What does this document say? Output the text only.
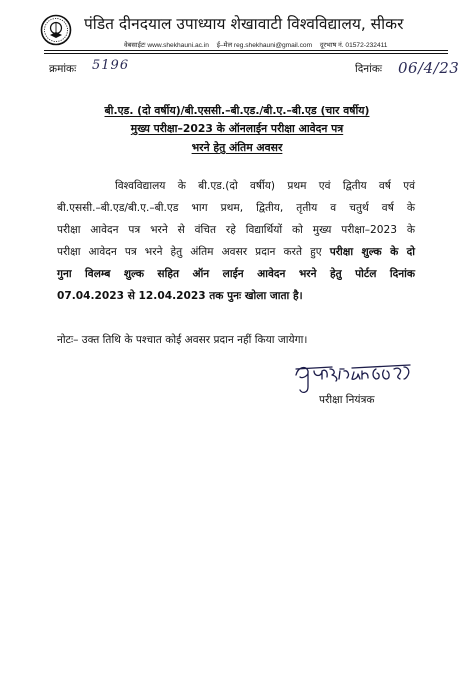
पंडित दीनदयाल उपाध्याय शेखावाटी विश्वविद्यालय, सीकर
वेबसाईटः www.shekhauni.ac.in ई–मेल reg.shekhauni@gmail.com दूरभाष नं. 01572-232411
क्रमांकः 5196	दिनांकः 06/4/23
बी.एड. (दो वर्षीय)/बी.एससी.–बी.एड./बी.ए.–बी.एड (चार वर्षीय)
मुख्य परीक्षा–2023 के ऑनलाईन परीक्षा आवेदन पत्र
भरने हेतु अंतिम अवसर
विश्वविद्यालय के बी.एड.(दो वर्षीय) प्रथम एवं द्वितीय वर्ष एवं
बी.एससी.–बी.एड/बी.ए.–बी.एड भाग प्रथम, द्वितीय, तृतीय व चतुर्थ वर्ष के
परीक्षा आवेदन पत्र भरने से वंचित रहे विद्यार्थियों को मुख्य परीक्षा–2023 के
परीक्षा आवेदन पत्र भरने हेतु अंतिम अवसर प्रदान करते हुए परीक्षा शुल्क के दो
गुना विलम्ब शुल्क सहित ऑन लाईन आवेदन भरने हेतु पोर्टल दिनांक
07.04.2023 से 12.04.2023 तक पुनः खोला जाता है।
नोटः– उक्त तिथि के पश्चात कोई अवसर प्रदान नहीं किया जायेगा।
परीक्षा नियंत्रक
